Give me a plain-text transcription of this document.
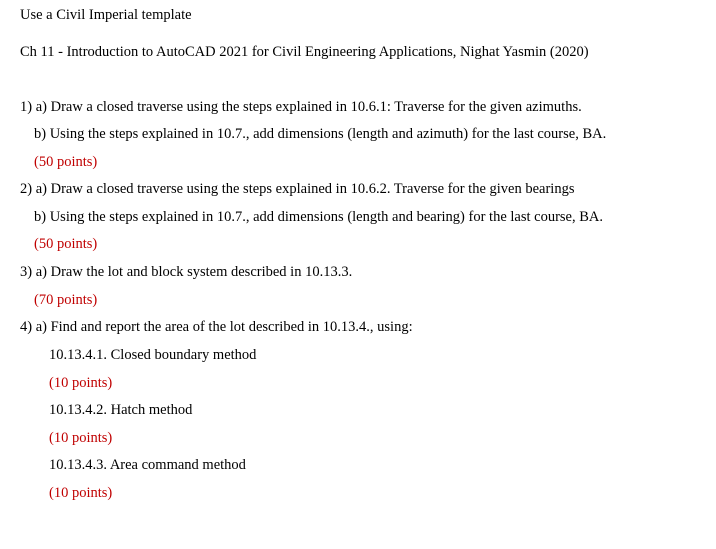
Use a Civil Imperial template
Ch 11 - Introduction to AutoCAD 2021 for Civil Engineering Applications, Nighat Yasmin (2020)
1) a) Draw a closed traverse using the steps explained in 10.6.1: Traverse for the given azimuths.
b) Using the steps explained in 10.7., add dimensions (length and azimuth) for the last course, BA.
(50 points)
2) a) Draw a closed traverse using the steps explained in 10.6.2. Traverse for the given bearings
b) Using the steps explained in 10.7., add dimensions (length and bearing) for the last course, BA.
(50 points)
3) a) Draw the lot and block system described in 10.13.3.
(70 points)
4) a) Find and report the area of the lot described in 10.13.4., using:
10.13.4.1. Closed boundary method
(10 points)
10.13.4.2. Hatch method
(10 points)
10.13.4.3. Area command method
(10 points)
